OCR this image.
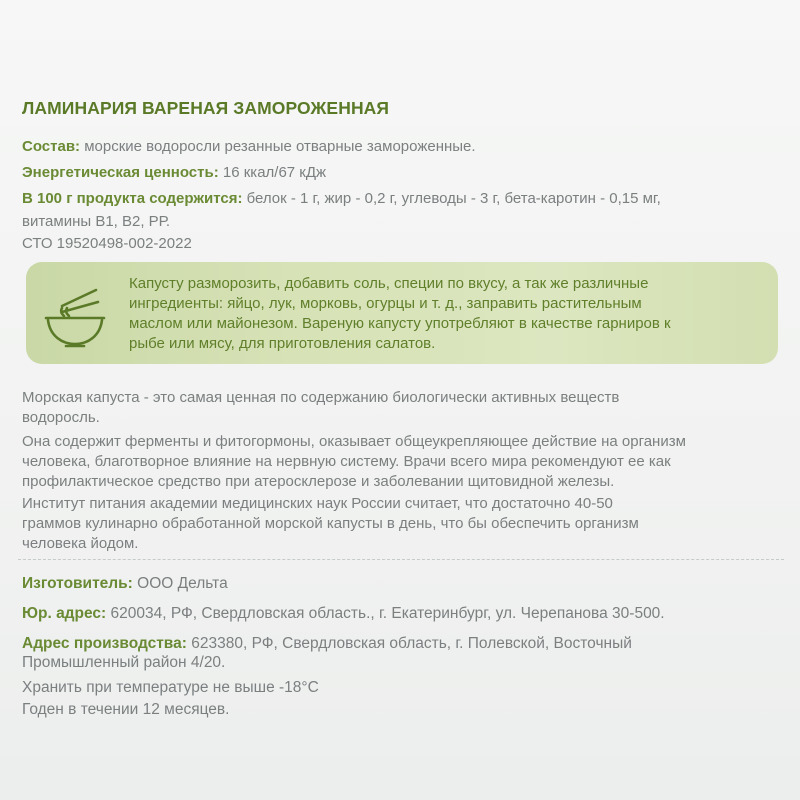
ЛАМИНАРИЯ ВАРЕНАЯ ЗАМОРОЖЕННАЯ
Состав: морские водоросли резанные отварные замороженные.
Энергетическая ценность: 16 ккал/67 кДж
В 100 г продукта содержится: белок - 1 г, жир - 0,2 г, углеводы - 3 г, бета-каротин - 0,15 мг,
витамины В1, В2, РР.
СТО 19520498-002-2022
Капусту разморозить, добавить соль, специи по вкусу, а так же различные
ингредиенты: яйцо, лук, морковь, огурцы и т. д., заправить растительным
маслом или майонезом. Вареную капусту употребляют в качестве гарниров к
рыбе или мясу, для приготовления салатов.
Морская капуста - это самая ценная по содержанию биологически активных веществ
водоросль.
Она содержит ферменты и фитогормоны, оказывает общеукрепляющее действие на организм
человека, благотворное влияние на нервную систему. Врачи всего мира рекомендуют ее как
профилактическое средство при атеросклерозе и заболевании щитовидной железы.
Институт питания академии медицинских наук России считает, что достаточно 40-50
граммов кулинарно обработанной морской капусты в день, что бы обеспечить организм
человека йодом.
Изготовитель: ООО Дельта
Юр. адрес: 620034, РФ, Свердловская область., г. Екатеринбург, ул. Черепанова 30-500.
Адрес производства: 623380, РФ, Свердловская область, г. Полевской, Восточный
Промышленный район 4/20.
Хранить при температуре не выше -18°С
Годен в течении 12 месяцев.
